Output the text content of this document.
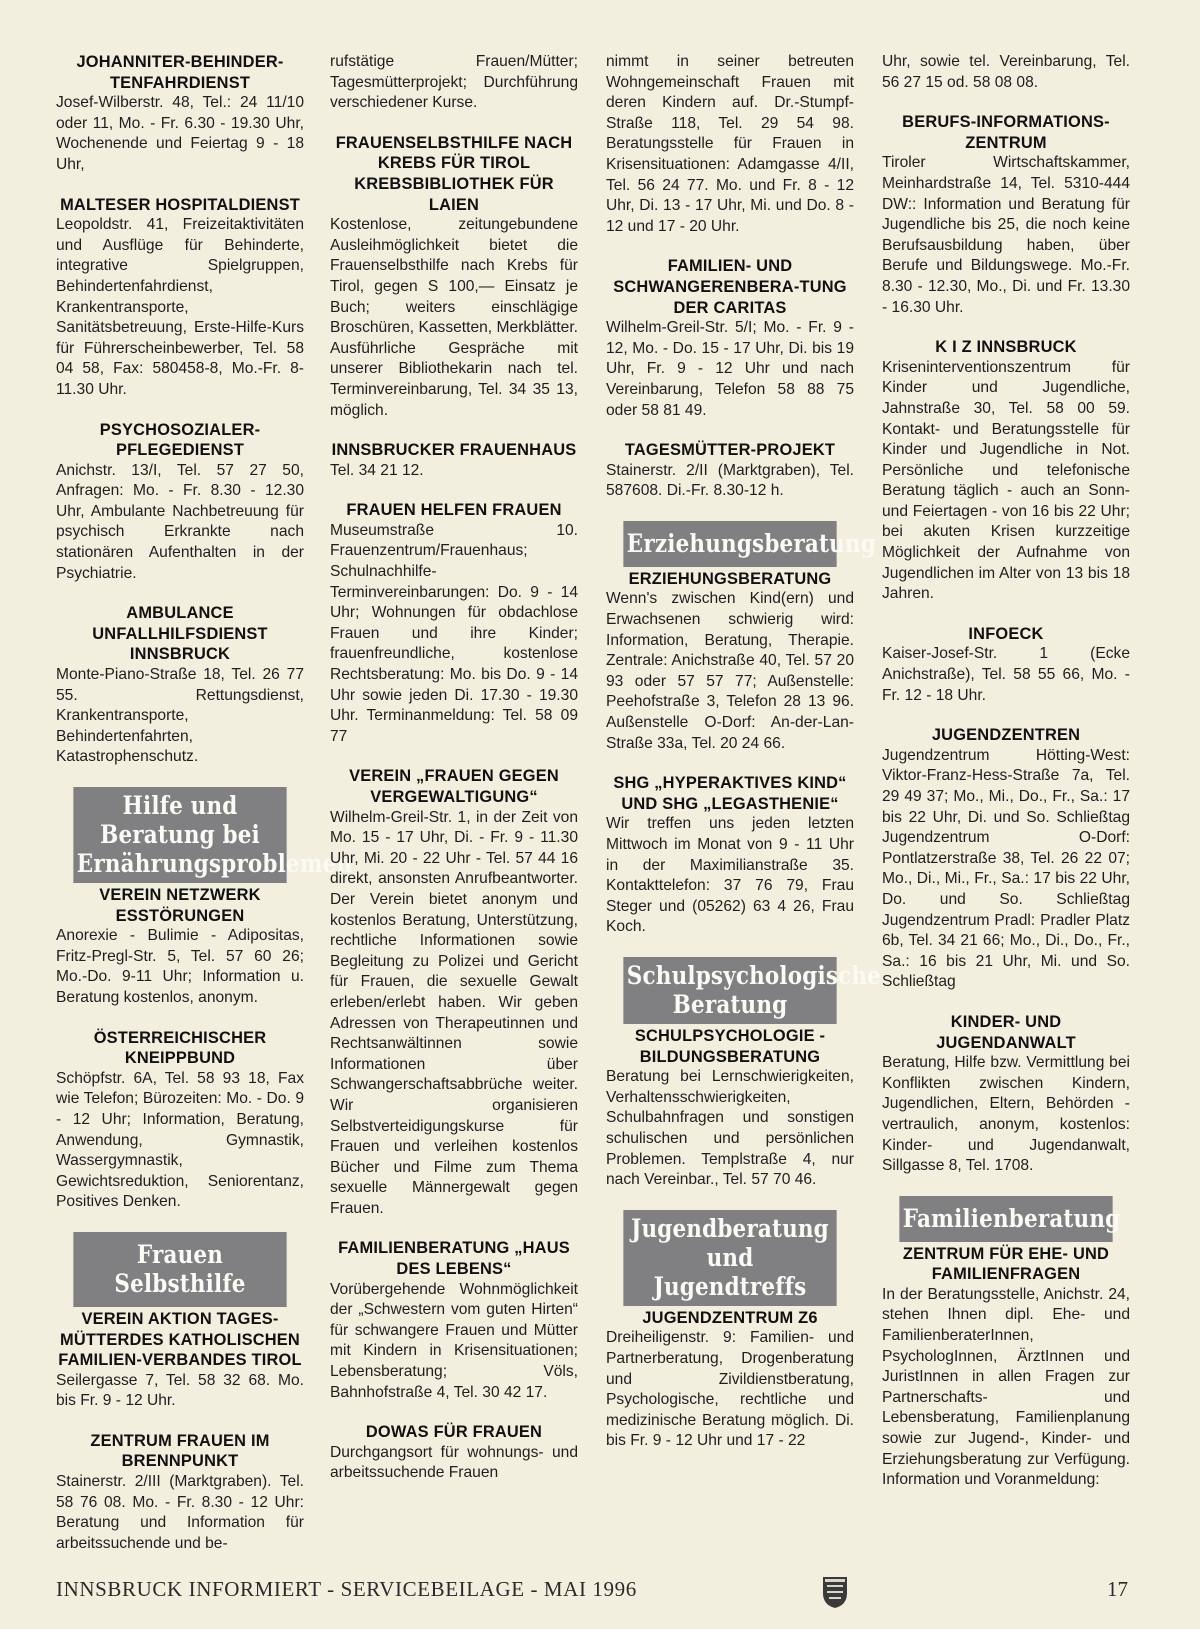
JOHANNITER-BEHINDER-TENFAHRDIENST

Josef-Wilberstr. 48, Tel.: 24 11/10 oder 11, Mo. - Fr. 6.30 - 19.30 Uhr, Wochenende und Feiertag 9 - 18 Uhr,

MALTESER HOSPITALDIENST

Leopoldstr. 41, Freizeitaktivitäten und Ausflüge für Behinderte, integrative Spielgruppen, Behindertenfahrdienst, Krankentransporte, Sanitätsbetreuung, Erste-Hilfe-Kurs für Führerscheinbewerber, Tel. 58 04 58, Fax: 580458-8, Mo.-Fr. 8-11.30 Uhr.

PSYCHOSOZIALER-PFLEGEDIENST

Anichstr. 13/I, Tel. 57 27 50, Anfragen: Mo. - Fr. 8.30 - 12.30 Uhr, Ambulante Nachbetreuung für psychisch Erkrankte nach stationären Aufenthalten in der Psychiatrie.

AMBULANCE UNFALLHILFSDIENST INNSBRUCK

Monte-Piano-Straße 18, Tel. 26 77 55. Rettungsdienst, Krankentransporte, Behindertenfahrten, Katastrophenschutz.

Hilfe und Beratung bei Ernährungsproblemen
VEREIN NETZWERK ESSTÖRUNGEN

Anorexie - Bulimie - Adipositas, Fritz-Pregl-Str. 5, Tel. 57 60 26; Mo.-Do. 9-11 Uhr; Information u. Beratung kostenlos, anonym.

ÖSTERREICHISCHER KNEIPPBUND

Schöpfstr. 6A, Tel. 58 93 18, Fax wie Telefon; Bürozeiten: Mo. - Do. 9 - 12 Uhr; Information, Beratung, Anwendung, Gymnastik, Wassergymnastik, Gewichtsreduktion, Seniorentanz, Positives Denken.

Frauen Selbsthilfe
VEREIN AKTION TAGES-MÜTTERDES KATHOLISCHEN FAMILIEN-VERBANDES TIROL

Seilergasse 7, Tel. 58 32 68. Mo. bis Fr. 9 - 12 Uhr.

ZENTRUM FRAUEN IM BRENNPUNKT

Stainerstr. 2/III (Marktgraben). Tel. 58 76 08. Mo. - Fr. 8.30 - 12 Uhr: Beratung und Information für arbeitssuchende und be-

rufstätige Frauen/Mütter; Tagesmütterprojekt; Durchführung verschiedener Kurse.

FRAUENSELBSTHILFE NACH KREBS FÜR TIROL KREBSBIBLIOTHEK FÜR LAIEN

Kostenlose, zeitungebundene Ausleihmöglichkeit bietet die Frauenselbsthilfe nach Krebs für Tirol, gegen S 100,— Einsatz je Buch; weiters einschlägige Broschüren, Kassetten, Merkblätter. Ausführliche Gespräche mit unserer Bibliothekarin nach tel. Terminvereinbarung, Tel. 34 35 13, möglich.

INNSBRUCKER FRAUENHAUS

Tel. 34 21 12.

FRAUEN HELFEN FRAUEN

Museumstraße 10. Frauenzentrum/Frauenhaus; Schulnachhilfe-Terminvereinbarungen: Do. 9 - 14 Uhr; Wohnungen für obdachlose Frauen und ihre Kinder; frauenfreundliche, kostenlose Rechtsberatung: Mo. bis Do. 9 - 14 Uhr sowie jeden Di. 17.30 - 19.30 Uhr. Terminanmeldung: Tel. 58 09 77

VEREIN „FRAUEN GEGEN VERGEWALTIGUNG“

Wilhelm-Greil-Str. 1, in der Zeit von Mo. 15 - 17 Uhr, Di. - Fr. 9 - 11.30 Uhr, Mi. 20 - 22 Uhr - Tel. 57 44 16 direkt, ansonsten Anrufbeantworter. Der Verein bietet anonym und kostenlos Beratung, Unterstützung, rechtliche Informationen sowie Begleitung zu Polizei und Gericht für Frauen, die sexuelle Gewalt erleben/erlebt haben. Wir geben Adressen von Therapeutinnen und Rechtsanwältinnen sowie Informationen über Schwangerschaftsabbrüche weiter. Wir organisieren Selbstverteidigungskurse für Frauen und verleihen kostenlos Bücher und Filme zum Thema sexuelle Männergewalt gegen Frauen.

FAMILIENBERATUNG „HAUS DES LEBENS“

Vorübergehende Wohnmöglichkeit der „Schwestern vom guten Hirten“ für schwangere Frauen und Mütter mit Kindern in Krisensituationen; Lebensberatung; Völs, Bahnhofstraße 4, Tel. 30 42 17.

DOWAS FÜR FRAUEN

Durchgangsort für wohnungs- und arbeitssuchende Frauen

nimmt in seiner betreuten Wohngemeinschaft Frauen mit deren Kindern auf. Dr.-Stumpf-Straße 118, Tel. 29 54 98. Beratungsstelle für Frauen in Krisensituationen: Adamgasse 4/II, Tel. 56 24 77. Mo. und Fr. 8 - 12 Uhr, Di. 13 - 17 Uhr, Mi. und Do. 8 - 12 und 17 - 20 Uhr.

FAMILIEN- UND SCHWANGERENBERA-TUNG DER CARITAS

Wilhelm-Greil-Str. 5/I; Mo. - Fr. 9 - 12, Mo. - Do. 15 - 17 Uhr, Di. bis 19 Uhr, Fr. 9 - 12 Uhr und nach Vereinbarung, Telefon 58 88 75 oder 58 81 49.

TAGESMÜTTER-PROJEKT

Stainerstr. 2/II (Marktgraben), Tel. 587608. Di.-Fr. 8.30-12 h.

Erziehungsberatung
ERZIEHUNGSBERATUNG

Wenn's zwischen Kind(ern) und Erwachsenen schwierig wird: Information, Beratung, Therapie. Zentrale: Anichstraße 40, Tel. 57 20 93 oder 57 57 77; Außenstelle: Peehofstraße 3, Telefon 28 13 96. Außenstelle O-Dorf: An-der-Lan-Straße 33a, Tel. 20 24 66.

SHG „HYPERAKTIVES KIND“ UND SHG „LEGASTHENIE“

Wir treffen uns jeden letzten Mittwoch im Monat von 9 - 11 Uhr in der Maximilianstraße 35. Kontakttelefon: 37 76 79, Frau Steger und (05262) 63 4 26, Frau Koch.

Schulpsychologische Beratung
SCHULPSYCHOLOGIE - BILDUNGSBERATUNG

Beratung bei Lernschwierigkeiten, Verhaltensschwierigkeiten, Schulbahnfragen und sonstigen schulischen und persönlichen Problemen. Templstraße 4, nur nach Vereinbar., Tel. 57 70 46.

Jugendberatung und Jugendtreffs
JUGENDZENTRUM Z6

Dreiheiligenstr. 9: Familien- und Partnerberatung, Drogenberatung und Zivildienstberatung, Psychologische, rechtliche und medizinische Beratung möglich. Di. bis Fr. 9 - 12 Uhr und 17 - 22

Uhr, sowie tel. Vereinbarung, Tel. 56 27 15 od. 58 08 08.

BERUFS-INFORMATIONS-ZENTRUM

Tiroler Wirtschaftskammer, Meinhardstraße 14, Tel. 5310-444 DW:: Information und Beratung für Jugendliche bis 25, die noch keine Berufsausbildung haben, über Berufe und Bildungswege. Mo.-Fr. 8.30 - 12.30, Mo., Di. und Fr. 13.30 - 16.30 Uhr.

K I Z INNSBRUCK

Kriseninterventionszentrum für Kinder und Jugendliche, Jahnstraße 30, Tel. 58 00 59. Kontakt- und Beratungsstelle für Kinder und Jugendliche in Not. Persönliche und telefonische Beratung täglich - auch an Sonn- und Feiertagen - von 16 bis 22 Uhr; bei akuten Krisen kurzzeitige Möglichkeit der Aufnahme von Jugendlichen im Alter von 13 bis 18 Jahren.

INFOECK

Kaiser-Josef-Str. 1 (Ecke Anichstraße), Tel. 58 55 66, Mo. - Fr. 12 - 18 Uhr.

JUGENDZENTREN

Jugendzentrum Hötting-West: Viktor-Franz-Hess-Straße 7a, Tel. 29 49 37; Mo., Mi., Do., Fr., Sa.: 17 bis 22 Uhr, Di. und So. Schließtag Jugendzentrum O-Dorf: Pontlatzerstraße 38, Tel. 26 22 07; Mo., Di., Mi., Fr., Sa.: 17 bis 22 Uhr, Do. und So. Schließtag Jugendzentrum Pradl: Pradler Platz 6b, Tel. 34 21 66; Mo., Di., Do., Fr., Sa.: 16 bis 21 Uhr, Mi. und So. Schließtag

KINDER- UND JUGENDANWALT

Beratung, Hilfe bzw. Vermittlung bei Konflikten zwischen Kindern, Jugendlichen, Eltern, Behörden - vertraulich, anonym, kostenlos: Kinder- und Jugendanwalt, Sillgasse 8, Tel. 1708.

Familienberatung
ZENTRUM FÜR EHE- UND FAMILIENFRAGEN

In der Beratungsstelle, Anichstr. 24, stehen Ihnen dipl. Ehe- und FamilienberaterInnen, PsychologInnen, ÄrztInnen und JuristInnen in allen Fragen zur Partnerschafts- und Lebensberatung, Familienplanung sowie zur Jugend-, Kinder- und Erziehungsberatung zur Verfügung. Information und Voranmeldung:

INNSBRUCK INFORMIERT - SERVICEBEILAGE - MAI 1996	17
